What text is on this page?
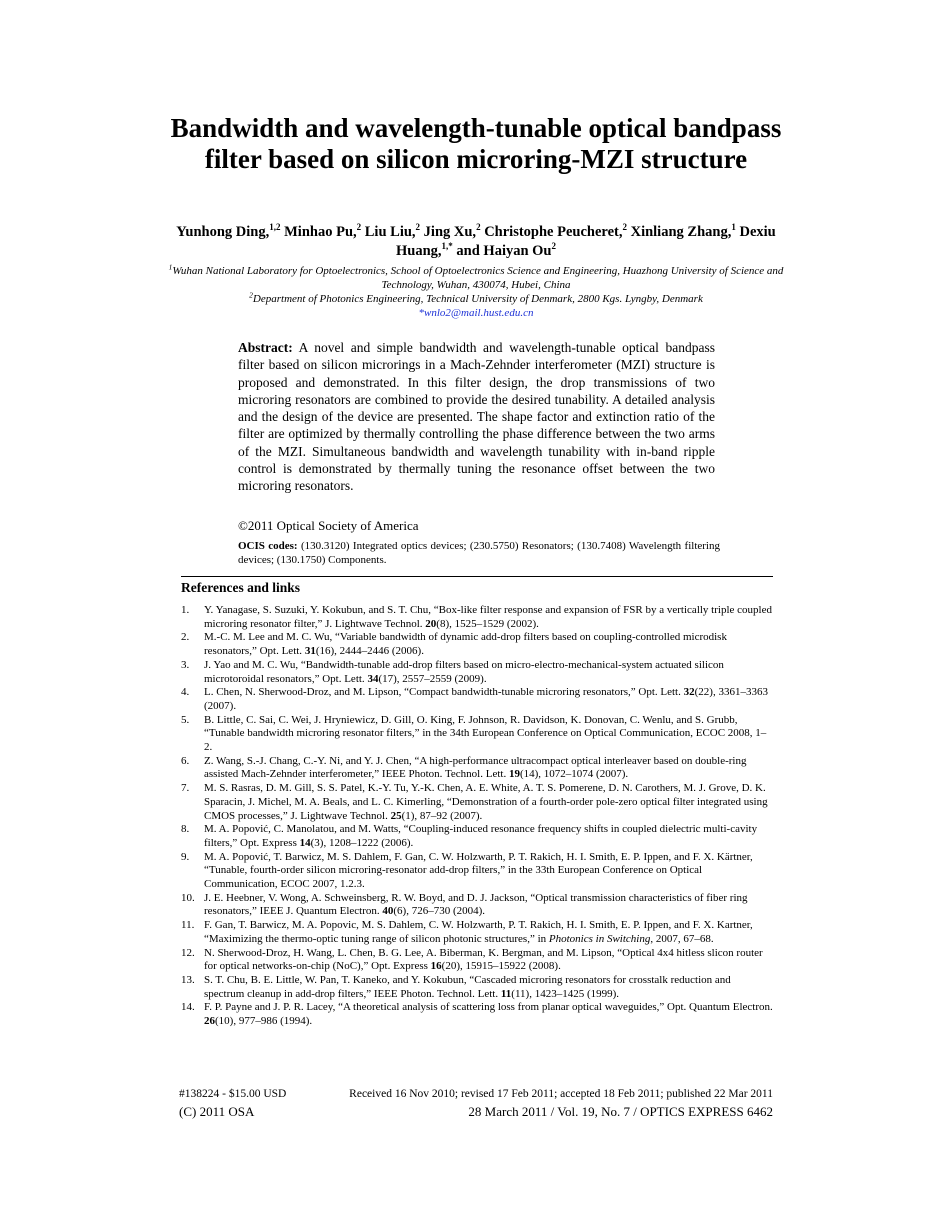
Bandwidth and wavelength-tunable optical bandpass filter based on silicon microring-MZI structure
Yunhong Ding,$^{1,2}$ Minhao Pu,$^2$ Liu Liu,$^2$ Jing Xu,$^2$ Christophe Peucheret,$^2$ Xinliang Zhang,$^1$ Dexiu Huang,$^{1,*}$ and Haiyan Ou$^2$
$^1$Wuhan National Laboratory for Optoelectronics, School of Optoelectronics Science and Engineering, Huazhong University of Science and Technology, Wuhan, 430074, Hubei, China
$^2$Department of Photonics Engineering, Technical University of Denmark, 2800 Kgs. Lyngby, Denmark
*wnlo2@mail.hust.edu.cn
Abstract: A novel and simple bandwidth and wavelength-tunable optical bandpass filter based on silicon microrings in a Mach-Zehnder interferometer (MZI) structure is proposed and demonstrated. In this filter design, the drop transmissions of two microring resonators are combined to provide the desired tunability. A detailed analysis and the design of the device are presented. The shape factor and extinction ratio of the filter are optimized by thermally controlling the phase difference between the two arms of the MZI. Simultaneous bandwidth and wavelength tunability with in-band ripple control is demonstrated by thermally tuning the resonance offset between the two microring resonators.
©2011 Optical Society of America
OCIS codes: (130.3120) Integrated optics devices; (230.5750) Resonators; (130.7408) Wavelength filtering devices; (130.1750) Components.
References and links
1.	Y. Yanagase, S. Suzuki, Y. Kokubun, and S. T. Chu, “Box-like filter response and expansion of FSR by a vertically triple coupled microring resonator filter,” J. Lightwave Technol. 20(8), 1525–1529 (2002).
2.	M.-C. M. Lee and M. C. Wu, “Variable bandwidth of dynamic add-drop filters based on coupling-controlled microdisk resonators,” Opt. Lett. 31(16), 2444–2446 (2006).
3.	J. Yao and M. C. Wu, “Bandwidth-tunable add-drop filters based on micro-electro-mechanical-system actuated silicon microtoroidal resonators,” Opt. Lett. 34(17), 2557–2559 (2009).
4.	L. Chen, N. Sherwood-Droz, and M. Lipson, “Compact bandwidth-tunable microring resonators,” Opt. Lett. 32(22), 3361–3363 (2007).
5.	B. Little, C. Sai, C. Wei, J. Hryniewicz, D. Gill, O. King, F. Johnson, R. Davidson, K. Donovan, C. Wenlu, and S. Grubb, “Tunable bandwidth microring resonator filters,” in the 34th European Conference on Optical Communication, ECOC 2008, 1–2.
6.	Z. Wang, S.-J. Chang, C.-Y. Ni, and Y. J. Chen, “A high-performance ultracompact optical interleaver based on double-ring assisted Mach-Zehnder interferometer,” IEEE Photon. Technol. Lett. 19(14), 1072–1074 (2007).
7.	M. S. Rasras, D. M. Gill, S. S. Patel, K.-Y. Tu, Y.-K. Chen, A. E. White, A. T. S. Pomerene, D. N. Carothers, M. J. Grove, D. K. Sparacin, J. Michel, M. A. Beals, and L. C. Kimerling, “Demonstration of a fourth-order pole-zero optical filter integrated using CMOS processes,” J. Lightwave Technol. 25(1), 87–92 (2007).
8.	M. A. Popović, C. Manolatou, and M. Watts, “Coupling-induced resonance frequency shifts in coupled dielectric multi-cavity filters,” Opt. Express 14(3), 1208–1222 (2006).
9.	M. A. Popović, T. Barwicz, M. S. Dahlem, F. Gan, C. W. Holzwarth, P. T. Rakich, H. I. Smith, E. P. Ippen, and F. X. Kärtner, “Tunable, fourth-order silicon microring-resonator add-drop filters,” in the 33th European Conference on Optical Communication, ECOC 2007, 1.2.3.
10. J. E. Heebner, V. Wong, A. Schweinsberg, R. W. Boyd, and D. J. Jackson, “Optical transmission characteristics of fiber ring resonators,” IEEE J. Quantum Electron. 40(6), 726–730 (2004).
11. F. Gan, T. Barwicz, M. A. Popovic, M. S. Dahlem, C. W. Holzwarth, P. T. Rakich, H. I. Smith, E. P. Ippen, and F. X. Kartner, “Maximizing the thermo-optic tuning range of silicon photonic structures,” in Photonics in Switching, 2007, 67–68.
12. N. Sherwood-Droz, H. Wang, L. Chen, B. G. Lee, A. Biberman, K. Bergman, and M. Lipson, “Optical 4x4 hitless slicon router for optical networks-on-chip (NoC),” Opt. Express 16(20), 15915–15922 (2008).
13. S. T. Chu, B. E. Little, W. Pan, T. Kaneko, and Y. Kokubun, “Cascaded microring resonators for crosstalk reduction and spectrum cleanup in add-drop filters,” IEEE Photon. Technol. Lett. 11(11), 1423–1425 (1999).
14. F. P. Payne and J. P. R. Lacey, “A theoretical analysis of scattering loss from planar optical waveguides,” Opt. Quantum Electron. 26(10), 977–986 (1994).
#138224 - $15.00 USD	Received 16 Nov 2010; revised 17 Feb 2011; accepted 18 Feb 2011; published 22 Mar 2011
(C) 2011 OSA	28 March 2011 / Vol. 19, No. 7 / OPTICS EXPRESS 6462
